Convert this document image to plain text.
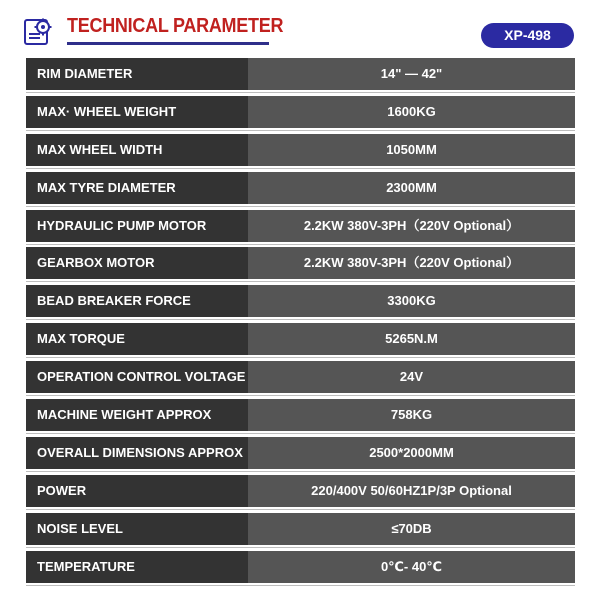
TECHNICAL PARAMETER	XP-498
RIM DIAMETER	14" — 42"
MAX· WHEEL WEIGHT	1600KG
MAX WHEEL WIDTH	1050MM
MAX TYRE DIAMETER	2300MM
HYDRAULIC PUMP MOTOR	2.2KW 380V-3PH（220V Optional）
GEARBOX MOTOR	2.2KW 380V-3PH（220V Optional）
BEAD BREAKER FORCE	3300KG
MAX TORQUE	5265N.M
OPERATION CONTROL VOLTAGE	24V
MACHINE WEIGHT APPROX	758KG
OVERALL DIMENSIONS APPROX	2500*2000MM
POWER	220/400V 50/60HZ1P/3P Optional
NOISE LEVEL	≤70DB
TEMPERATURE	0℃- 40℃
